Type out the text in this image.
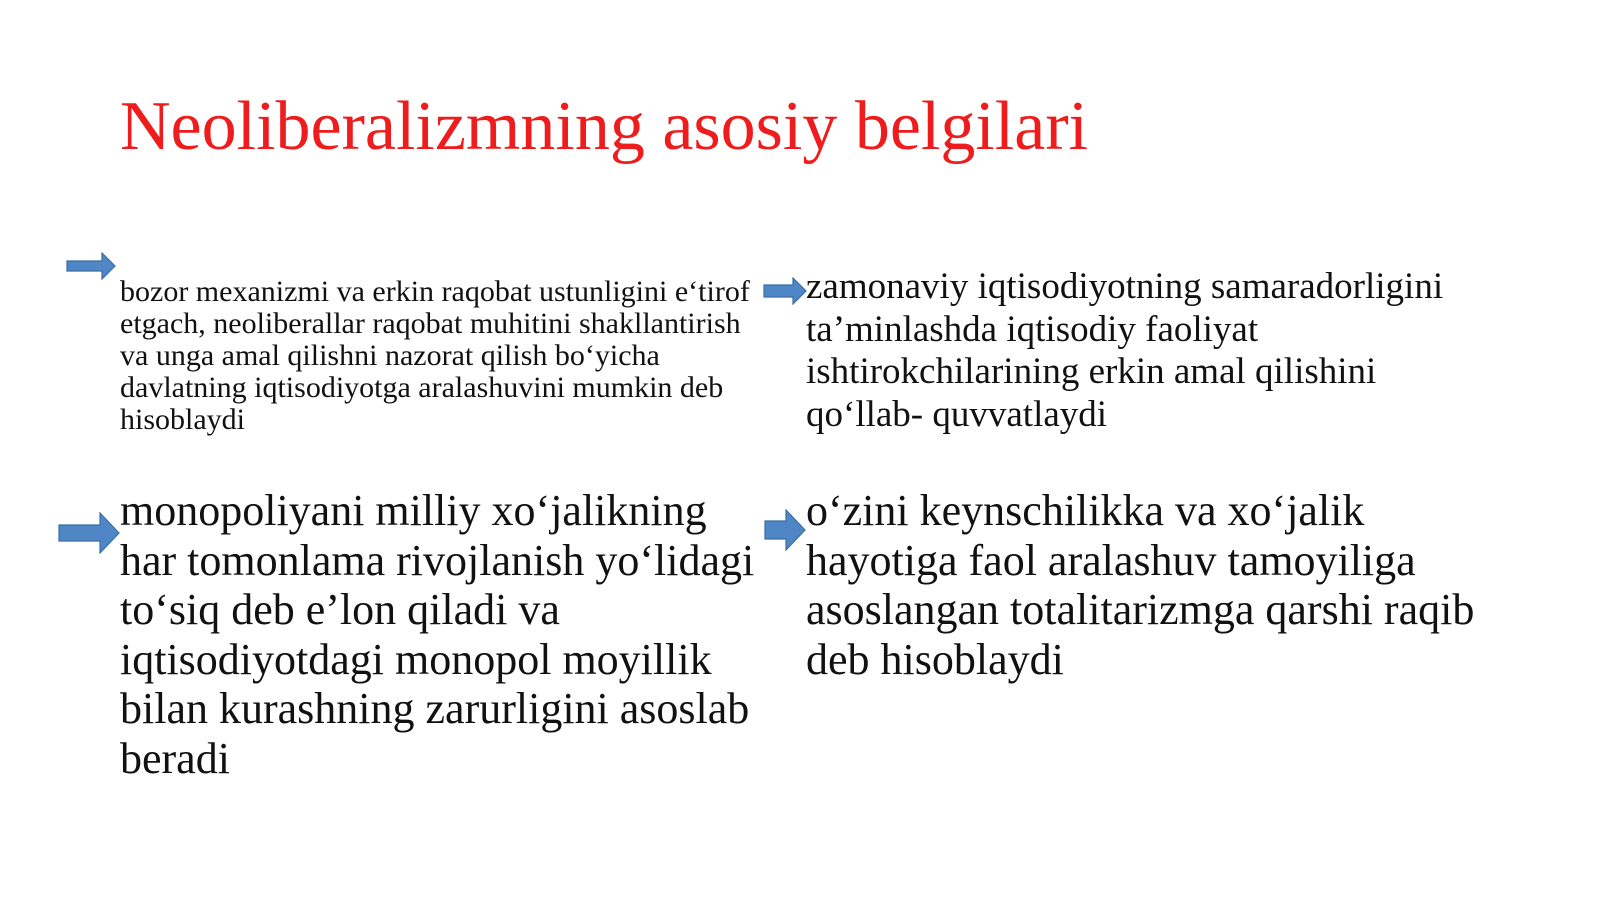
Neoliberalizmning asosiy belgilari

bozor mexanizmi va erkin raqobat ustunligini e‘tirof etgach, neoliberallar raqobat muhitini shakllantirish va unga amal qilishni nazorat qilish bo‘yicha davlatning iqtisodiyotga aralashuvini mumkin deb hisoblaydi

zamonaviy iqtisodiyotning samaradorligini ta’minlashda iqtisodiy faoliyat ishtirokchilarining erkin amal qilishini qo‘llab- quvvatlaydi

monopoliyani milliy xo‘jalikning har tomonlama rivojlanish yo‘lidagi to‘siq deb e’lon qiladi va iqtisodiyotdagi monopol moyillik bilan kurashning zarurligini asoslab beradi

o‘zini keynschilikka va xo‘jalik hayotiga faol aralashuv tamoyiliga asoslangan totalitarizmga qarshi raqib deb hisoblaydi
